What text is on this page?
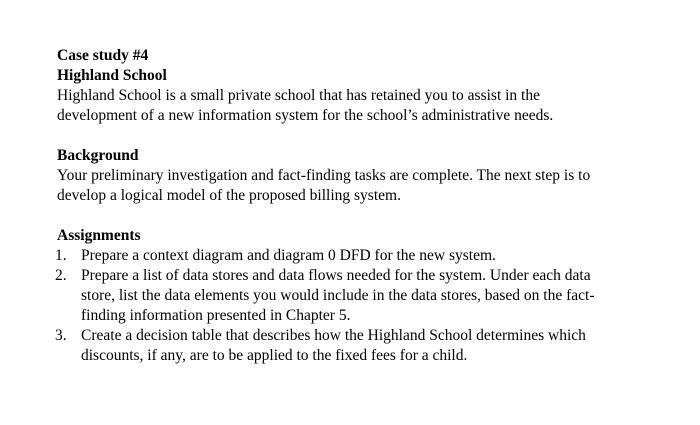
Case study #4
Highland School
Highland School is a small private school that has retained you to assist in the
development of a new information system for the school’s administrative needs.
Background
Your preliminary investigation and fact-finding tasks are complete. The next step is to
develop a logical model of the proposed billing system.
Assignments
1. Prepare a context diagram and diagram 0 DFD for the new system.
2. Prepare a list of data stores and data flows needed for the system. Under each data
store, list the data elements you would include in the data stores, based on the fact-
finding information presented in Chapter 5.
3. Create a decision table that describes how the Highland School determines which
discounts, if any, are to be applied to the fixed fees for a child.
